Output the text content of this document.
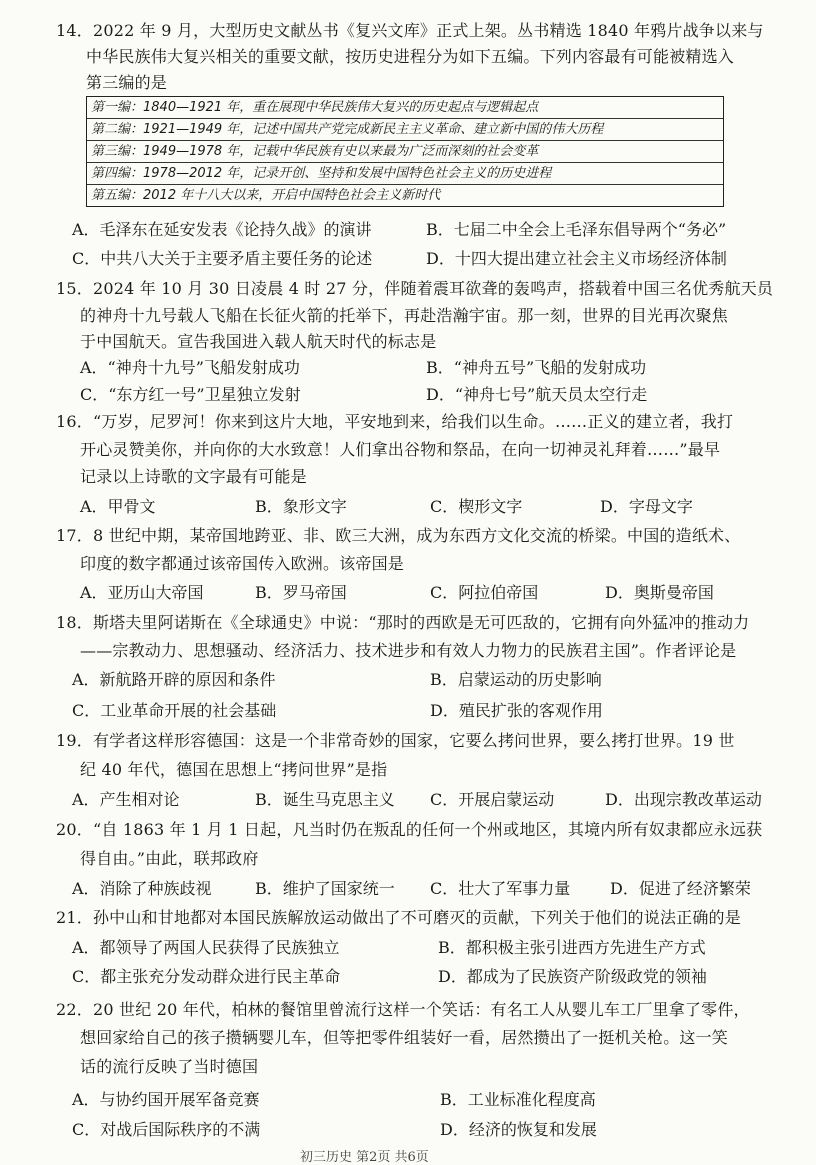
14．2022 年 9 月，大型历史文献丛书《复兴文库》正式上架。丛书精选 1840 年鸦片战争以来与
中华民族伟大复兴相关的重要文献，按历史进程分为如下五编。下列内容最有可能被精选入
第三编的是
第一编：1840—1921 年，重在展现中华民族伟大复兴的历史起点与逻辑起点
第二编：1921—1949 年，记述中国共产党完成新民主主义革命、建立新中国的伟大历程
第三编：1949—1978 年，记载中华民族有史以来最为广泛而深刻的社会变革
第四编：1978—2012 年，记录开创、坚持和发展中国特色社会主义的历史进程
第五编：2012 年十八大以来，开启中国特色社会主义新时代
A．毛泽东在延安发表《论持久战》的演讲	B．七届二中全会上毛泽东倡导两个“务必”
C．中共八大关于主要矛盾主要任务的论述	D．十四大提出建立社会主义市场经济体制
15．2024 年 10 月 30 日凌晨 4 时 27 分，伴随着震耳欲聋的轰鸣声，搭载着中国三名优秀航天员
的神舟十九号载人飞船在长征火箭的托举下，再赴浩瀚宇宙。那一刻，世界的目光再次聚焦
于中国航天。宣告我国进入载人航天时代的标志是
A．“神舟十九号”飞船发射成功	B．“神舟五号”飞船的发射成功
C．“东方红一号”卫星独立发射	D．“神舟七号”航天员太空行走
16．“万岁，尼罗河！你来到这片大地，平安地到来，给我们以生命。……正义的建立者，我打
开心灵赞美你，并向你的大水致意！人们拿出谷物和祭品，在向一切神灵礼拜着……”最早
记录以上诗歌的文字最有可能是
A．甲骨文	B．象形文字	C．楔形文字	D．字母文字
17．8 世纪中期，某帝国地跨亚、非、欧三大洲，成为东西方文化交流的桥梁。中国的造纸术、
印度的数字都通过该帝国传入欧洲。该帝国是
A．亚历山大帝国	B．罗马帝国	C．阿拉伯帝国	D．奥斯曼帝国
18．斯塔夫里阿诺斯在《全球通史》中说：“那时的西欧是无可匹敌的，它拥有向外猛冲的推动力
——宗教动力、思想骚动、经济活力、技术进步和有效人力物力的民族君主国”。作者评论是
A．新航路开辟的原因和条件	B．启蒙运动的历史影响
C．工业革命开展的社会基础	D．殖民扩张的客观作用
19．有学者这样形容德国：这是一个非常奇妙的国家，它要么拷问世界，要么拷打世界。19 世
纪 40 年代，德国在思想上“拷问世界”是指
A．产生相对论	B．诞生马克思主义 C．开展启蒙运动	D．出现宗教改革运动
20．“自 1863 年 1 月 1 日起，凡当时仍在叛乱的任何一个州或地区，其境内所有奴隶都应永远获
得自由。”由此，联邦政府
A．消除了种族歧视	B．维护了国家统一 C．壮大了军事力量 D．促进了经济繁荣
21．孙中山和甘地都对本国民族解放运动做出了不可磨灭的贡献，下列关于他们的说法正确的是
A．都领导了两国人民获得了民族独立	B．都积极主张引进西方先进生产方式
C．都主张充分发动群众进行民主革命	D．都成为了民族资产阶级政党的领袖
22．20 世纪 20 年代，柏林的餐馆里曾流行这样一个笑话：有名工人从婴儿车工厂里拿了零件，
想回家给自己的孩子攒辆婴儿车，但等把零件组装好一看，居然攒出了一挺机关枪。这一笑
话的流行反映了当时德国
A．与协约国开展军备竞赛	B．工业标准化程度高
C．对战后国际秩序的不满	D．经济的恢复和发展
初三历史 第2页 共6页
